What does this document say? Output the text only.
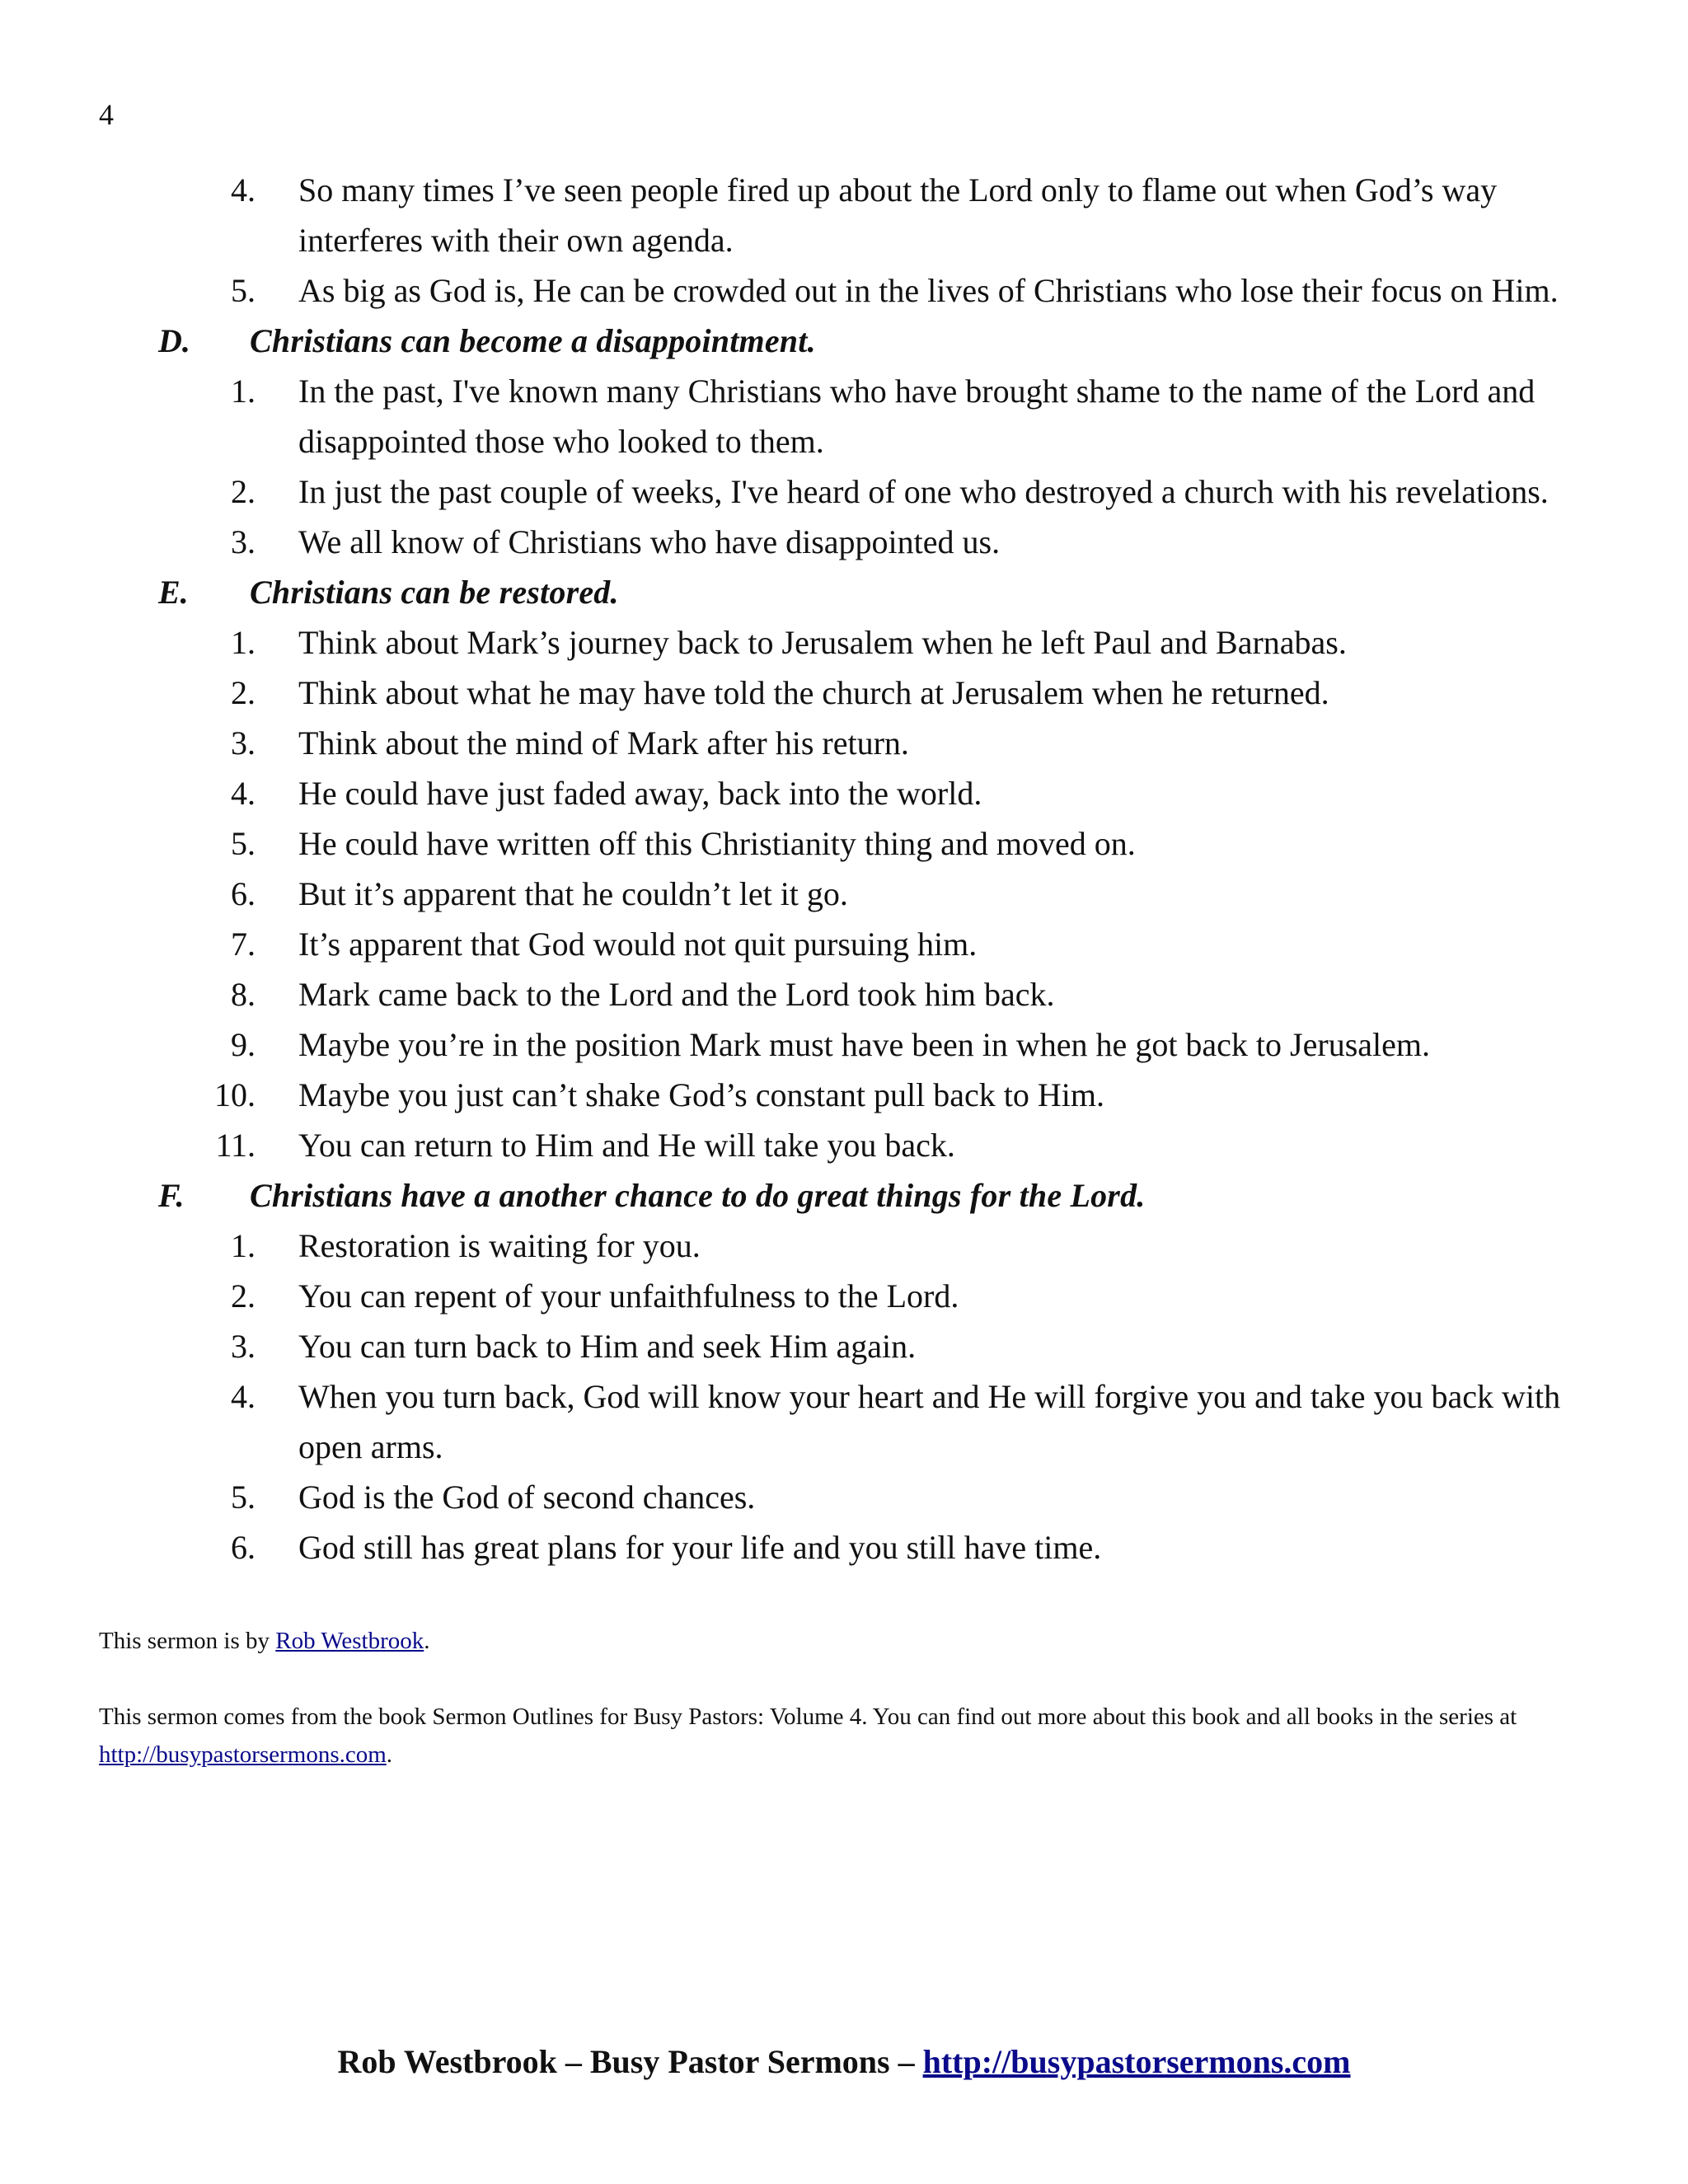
4
4. So many times I’ve seen people fired up about the Lord only to flame out when God’s way interferes with their own agenda.
5. As big as God is, He can be crowded out in the lives of Christians who lose their focus on Him.
D. Christians can become a disappointment.
1. In the past, I've known many Christians who have brought shame to the name of the Lord and disappointed those who looked to them.
2. In just the past couple of weeks, I've heard of one who destroyed a church with his revelations.
3. We all know of Christians who have disappointed us.
E. Christians can be restored.
1. Think about Mark’s journey back to Jerusalem when he left Paul and Barnabas.
2. Think about what he may have told the church at Jerusalem when he returned.
3. Think about the mind of Mark after his return.
4. He could have just faded away, back into the world.
5. He could have written off this Christianity thing and moved on.
6. But it’s apparent that he couldn’t let it go.
7. It’s apparent that God would not quit pursuing him.
8. Mark came back to the Lord and the Lord took him back.
9. Maybe you’re in the position Mark must have been in when he got back to Jerusalem.
10. Maybe you just can’t shake God’s constant pull back to Him.
11. You can return to Him and He will take you back.
F. Christians have a another chance to do great things for the Lord.
1. Restoration is waiting for you.
2. You can repent of your unfaithfulness to the Lord.
3. You can turn back to Him and seek Him again.
4. When you turn back, God will know your heart and He will forgive you and take you back with open arms.
5. God is the God of second chances.
6. God still has great plans for your life and you still have time.

This sermon is by Rob Westbrook.

This sermon comes from the book Sermon Outlines for Busy Pastors: Volume 4. You can find out more about this book and all books in the series at http://busypastorsermons.com.

Rob Westbrook – Busy Pastor Sermons – http://busypastorsermons.com
